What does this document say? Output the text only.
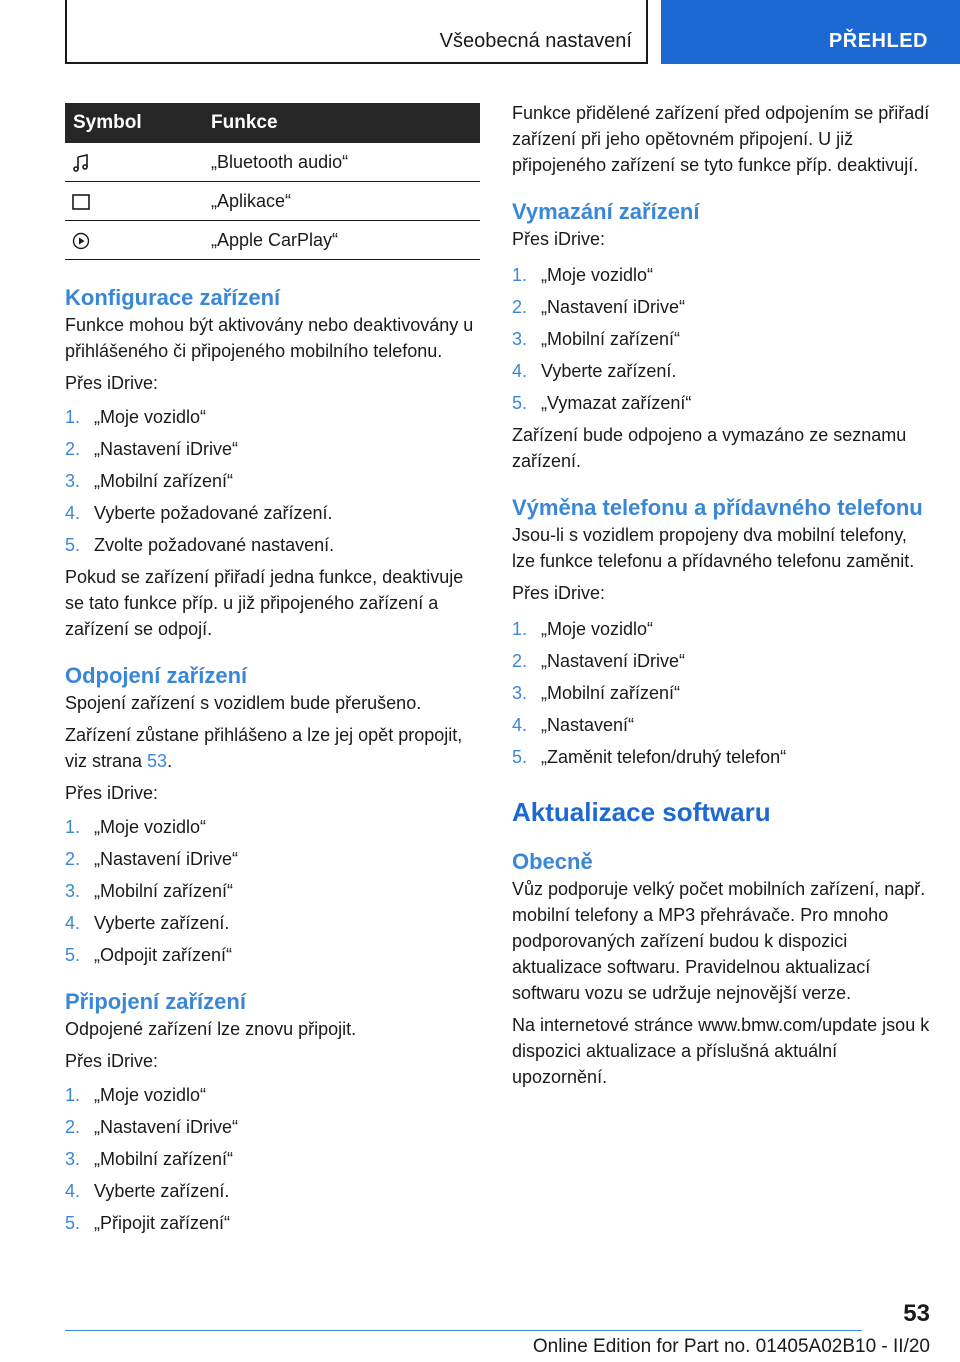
Všeobecná nastavení	PŘEHLED
Symbol	Funkce
	„Bluetooth audio“
	„Aplikace“
	„Apple CarPlay“
Konfigurace zařízení

Funkce mohou být aktivovány nebo deaktivovány u přihlášeného či připojeného mobilního telefonu.

Přes iDrive:

1. „Moje vozidlo“
2. „Nastavení iDrive“
3. „Mobilní zařízení“
4. Vyberte požadované zařízení.
5. Zvolte požadované nastavení.

Pokud se zařízení přiřadí jedna funkce, deaktivuje se tato funkce příp. u již připojeného zařízení a zařízení se odpojí.

Odpojení zařízení

Spojení zařízení s vozidlem bude přerušeno.

Zařízení zůstane přihlášeno a lze jej opět propojit, viz strana 53.

Přes iDrive:

1. „Moje vozidlo“
2. „Nastavení iDrive“
3. „Mobilní zařízení“
4. Vyberte zařízení.
5. „Odpojit zařízení“
Připojení zařízení

Odpojené zařízení lze znovu připojit.

Přes iDrive:

1. „Moje vozidlo“
2. „Nastavení iDrive“
3. „Mobilní zařízení“
4. Vyberte zařízení.
5. „Připojit zařízení“

Funkce přidělené zařízení před odpojením se přiřadí zařízení při jeho opětovném připojení. U již připojeného zařízení se tyto funkce příp. deaktivují.

Vymazání zařízení

Přes iDrive:

1. „Moje vozidlo“
2. „Nastavení iDrive“
3. „Mobilní zařízení“
4. Vyberte zařízení.
5. „Vymazat zařízení“

Zařízení bude odpojeno a vymazáno ze seznamu zařízení.

Výměna telefonu a přídavného telefonu

Jsou-li s vozidlem propojeny dva mobilní telefony, lze funkce telefonu a přídavného telefonu zaměnit.

Přes iDrive:

1. „Moje vozidlo“
2. „Nastavení iDrive“
3. „Mobilní zařízení“
4. „Nastavení“
5. „Zaměnit telefon/druhý telefon“
Aktualizace softwaru
Obecně

Vůz podporuje velký počet mobilních zařízení, např. mobilní telefony a MP3 přehrávače. Pro mnoho podporovaných zařízení budou k dispozici aktualizace softwaru. Pravidelnou aktualizací softwaru vozu se udržuje nejnovější verze.

Na internetové stránce www.bmw.com/update jsou k dispozici aktualizace a příslušná aktuální upozornění.

53
Online Edition for Part no. 01405A02B10 - II/20
